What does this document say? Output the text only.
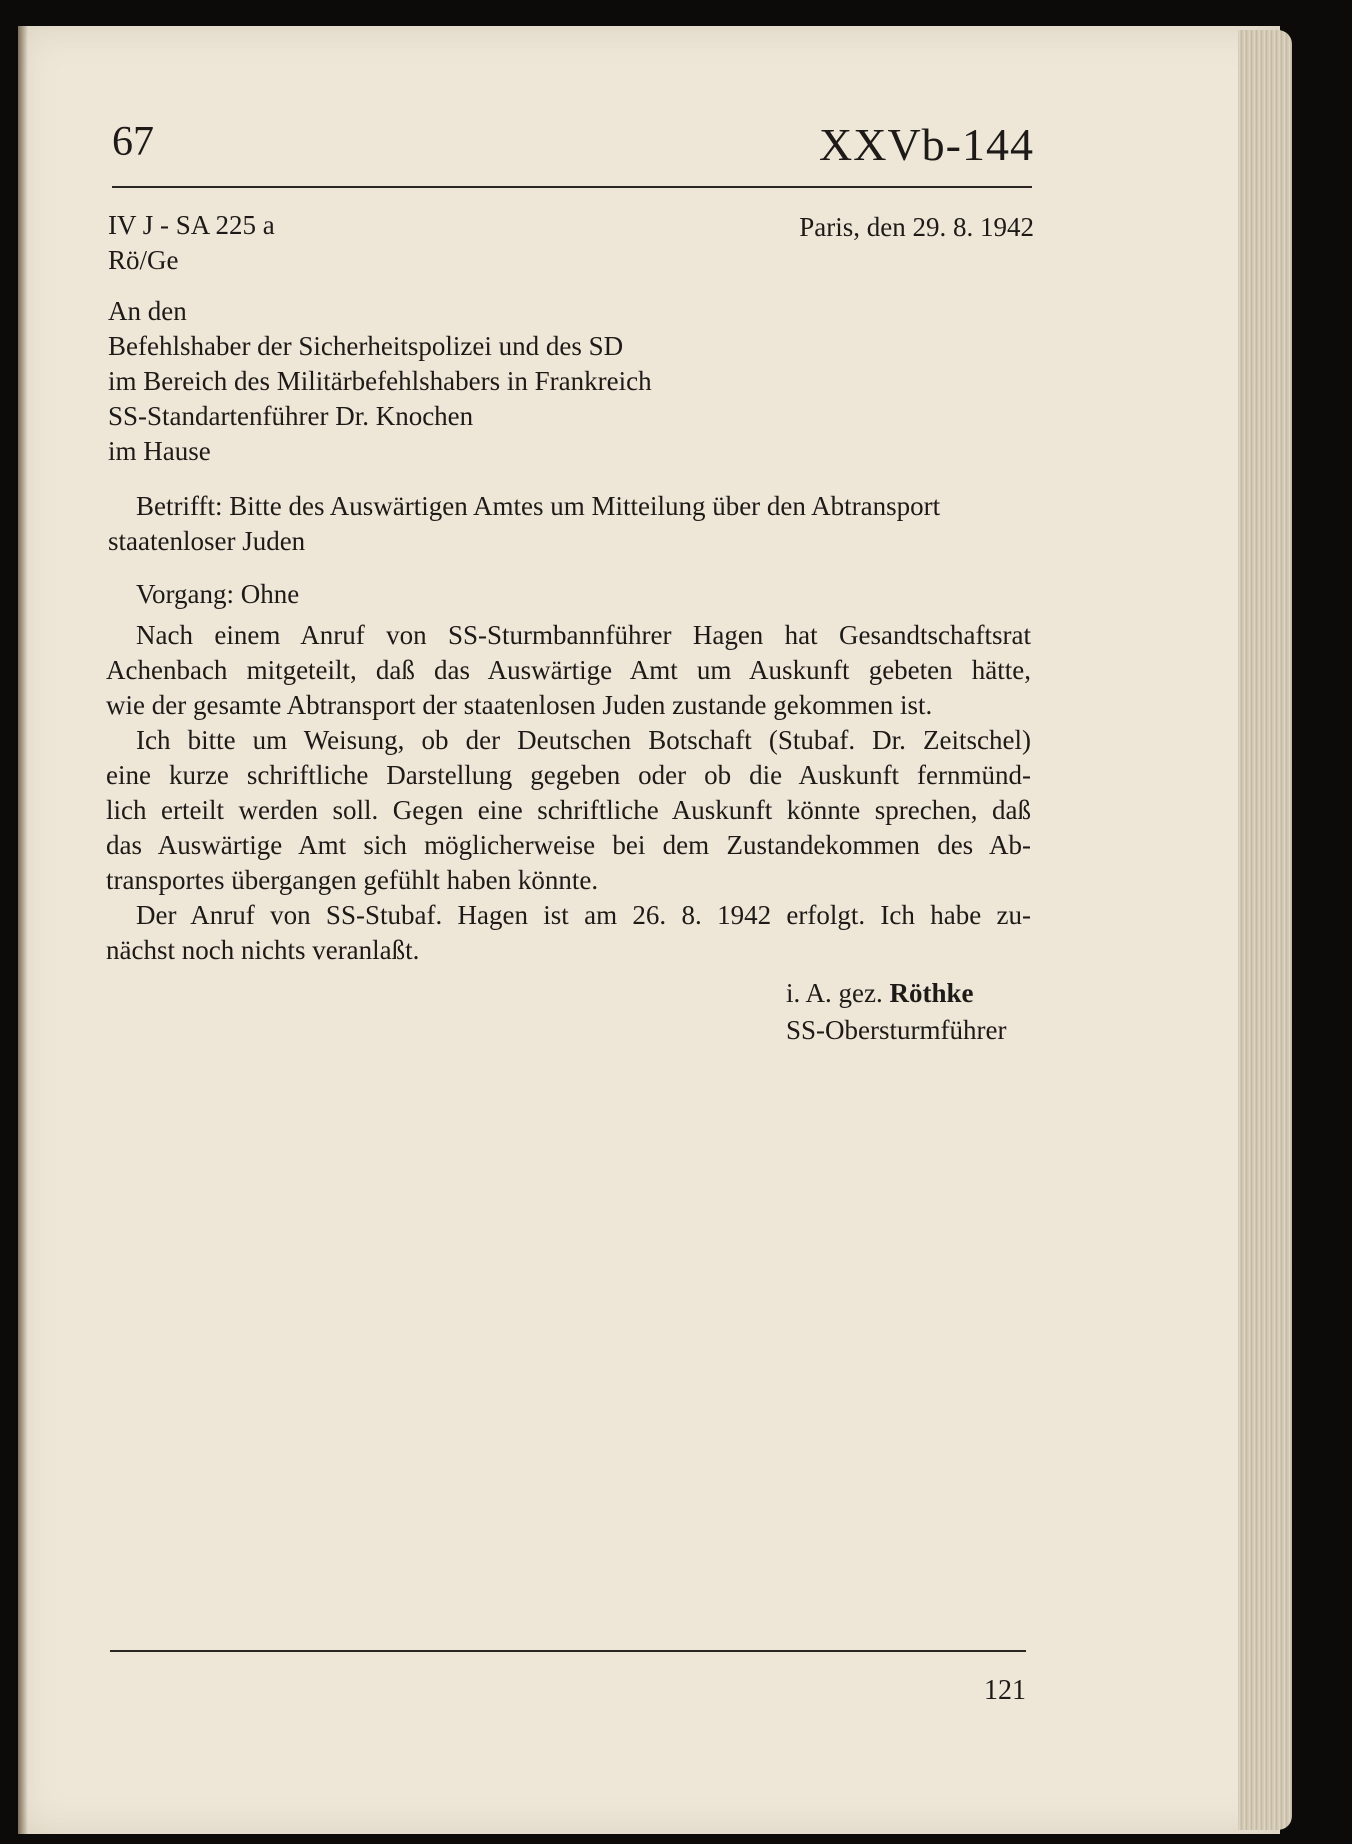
67	XXVb-144
IV J - SA 225 a
Rö/Ge
Paris, den 29. 8. 1942
An den
Befehlshaber der Sicherheitspolizei und des SD
im Bereich des Militärbefehlshabers in Frankreich
SS-Standartenführer Dr. Knochen
im Hause
Betrifft: Bitte des Auswärtigen Amtes um Mitteilung über den Abtransport
staatenloser Juden
Vorgang: Ohne
Nach einem Anruf von SS-Sturmbannführer Hagen hat Gesandtschaftsrat
Achenbach mitgeteilt, daß das Auswärtige Amt um Auskunft gebeten hätte,
wie der gesamte Abtransport der staatenlosen Juden zustande gekommen ist.
Ich bitte um Weisung, ob der Deutschen Botschaft (Stubaf. Dr. Zeitschel)
eine kurze schriftliche Darstellung gegeben oder ob die Auskunft fernmünd-
lich erteilt werden soll. Gegen eine schriftliche Auskunft könnte sprechen, daß
das Auswärtige Amt sich möglicherweise bei dem Zustandekommen des Ab-
transportes übergangen gefühlt haben könnte.
Der Anruf von SS-Stubaf. Hagen ist am 26. 8. 1942 erfolgt. Ich habe zu-
nächst noch nichts veranlaßt.
i. A. gez. Röthke
SS-Obersturmführer
121
